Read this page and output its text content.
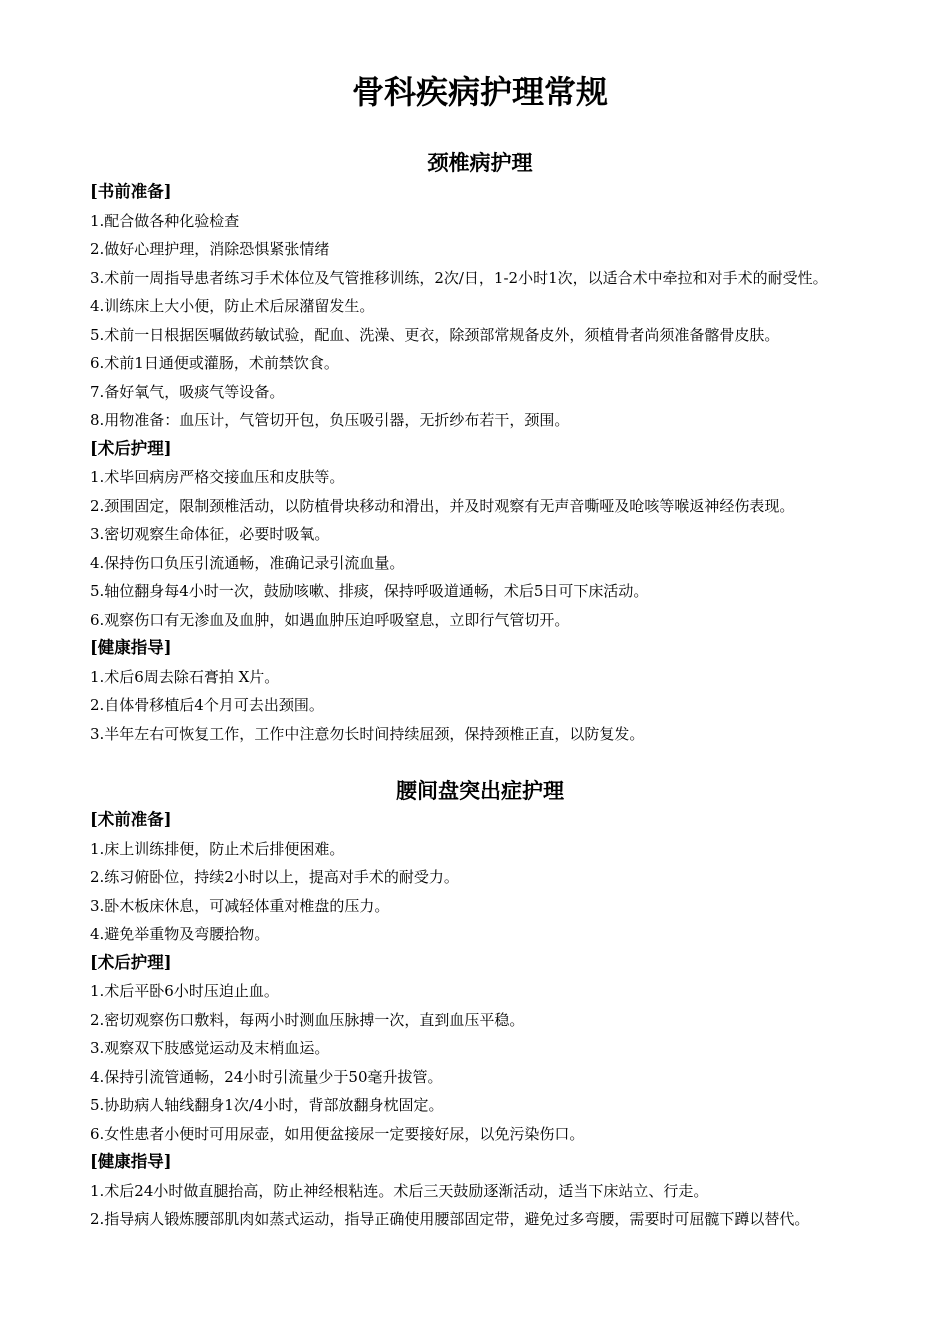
骨科疾病护理常规
颈椎病护理

[书前准备]

1.配合做各种化验检查

2.做好心理护理，消除恐惧紧张情绪

3.术前一周指导患者练习手术体位及气管推移训练，2次/日，1-2小时1次，以适合术中牵拉和对手术的耐受性。

4.训练床上大小便，防止术后尿潴留发生。

5.术前一日根据医嘱做药敏试验，配血、洗澡、更衣，除颈部常规备皮外，须植骨者尚须准备髂骨皮肤。

6.术前1日通便或灌肠，术前禁饮食。

7.备好氧气，吸痰气等设备。

8.用物准备：血压计，气管切开包，负压吸引器，无折纱布若干，颈围。

[术后护理]

1.术毕回病房严格交接血压和皮肤等。

2.颈围固定，限制颈椎活动，以防植骨块移动和滑出，并及时观察有无声音嘶哑及呛咳等喉返神经伤表现。

3.密切观察生命体征，必要时吸氧。

4.保持伤口负压引流通畅，准确记录引流血量。

5.轴位翻身每4小时一次，鼓励咳嗽、排痰，保持呼吸道通畅，术后5日可下床活动。

6.观察伤口有无渗血及血肿，如遇血肿压迫呼吸窒息，立即行气管切开。

[健康指导]

1.术后6周去除石膏拍 X片。

2.自体骨移植后4个月可去出颈围。

3.半年左右可恢复工作，工作中注意勿长时间持续屈颈，保持颈椎正直，以防复发。

腰间盘突出症护理

[术前准备]

1.床上训练排便，防止术后排便困难。

2.练习俯卧位，持续2小时以上，提高对手术的耐受力。

3.卧木板床休息，可减轻体重对椎盘的压力。

4.避免举重物及弯腰拾物。

[术后护理]

1.术后平卧6小时压迫止血。

2.密切观察伤口敷料，每两小时测血压脉搏一次，直到血压平稳。

3.观察双下肢感觉运动及末梢血运。

4.保持引流管通畅，24小时引流量少于50毫升拔管。

5.协助病人轴线翻身1次/4小时，背部放翻身枕固定。

6.女性患者小便时可用尿壶，如用便盆接尿一定要接好尿，以免污染伤口。

[健康指导]

1.术后24小时做直腿抬高，防止神经根粘连。术后三天鼓励逐渐活动，适当下床站立、行走。

2.指导病人锻炼腰部肌肉如蒸式运动，指导正确使用腰部固定带，避免过多弯腰，需要时可屈髋下蹲以替代。
